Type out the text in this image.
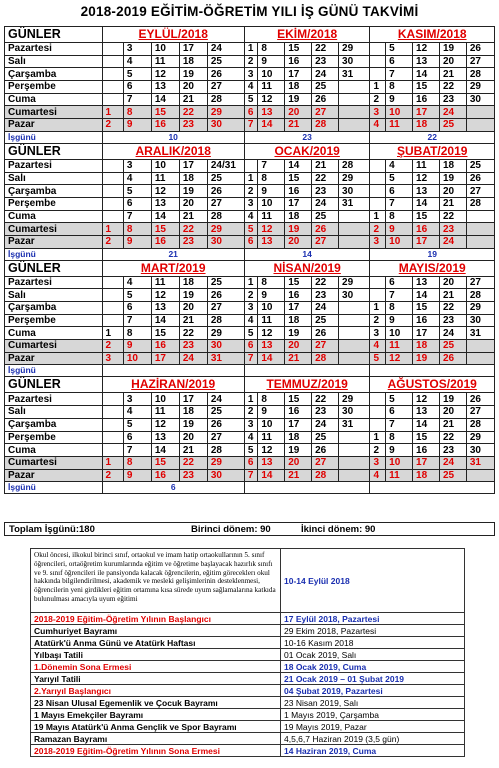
2018-2019 EĞİTİM-ÖĞRETİM YILI İŞ GÜNÜ TAKVİMİ
GÜNLER	EYLÜL/2018					EKİM/2018					KASIM/2018				
Pazartesi		3	10	17	24	1	8	15	22	29		5	12	19	26
Salı		4	11	18	25	2	9	16	23	30		6	13	20	27
Çarşamba		5	12	19	26	3	10	17	24	31		7	14	21	28
Perşembe		6	13	20	27	4	11	18	25		1	8	15	22	29
Cuma		7	14	21	28	5	12	19	26		2	9	16	23	30
Cumartesi	1	8	15	22	29	6	13	20	27		3	10	17	24	
Pazar	2	9	16	23	30	7	14	21	28		4	11	18	25	
İşgünü	10					23					22				
GÜNLER	ARALIK/2018					OCAK/2019					ŞUBAT/2019				
Pazartesi		3	10	17	24/31		7	14	21	28		4	11	18	25
Salı		4	11	18	25	1	8	15	22	29		5	12	19	26
Çarşamba		5	12	19	26	2	9	16	23	30		6	13	20	27
Perşembe		6	13	20	27	3	10	17	24	31		7	14	21	28
Cuma		7	14	21	28	4	11	18	25		1	8	15	22	
Cumartesi	1	8	15	22	29	5	12	19	26		2	9	16	23	
Pazar	2	9	16	23	30	6	13	20	27		3	10	17	24	
İşgünü	21					14					19				
GÜNLER	MART/2019					NİSAN/2019					MAYIS/2019				
Pazartesi		4	11	18	25	1	8	15	22	29		6	13	20	27
Salı		5	12	19	26	2	9	16	23	30		7	14	21	28
Çarşamba		6	13	20	27	3	10	17	24		1	8	15	22	29
Perşembe		7	14	21	28	4	11	18	25		2	9	16	23	30
Cuma	1	8	15	22	29	5	12	19	26		3	10	17	24	31
Cumartesi	2	9	16	23	30	6	13	20	27		4	11	18	25	
Pazar	3	10	17	24	31	7	14	21	28		5	12	19	26	
İşgünü															
GÜNLER	HAZİRAN/2019					TEMMUZ/2019					AĞUSTOS/2019				
Pazartesi		3	10	17	24	1	8	15	22	29		5	12	19	26
Salı		4	11	18	25	2	9	16	23	30		6	13	20	27
Çarşamba		5	12	19	26	3	10	17	24	31		7	14	21	28
Perşembe		6	13	20	27	4	11	18	25		1	8	15	22	29
Cuma		7	14	21	28	5	12	19	26		2	9	16	23	30
Cumartesi	1	8	15	22	29	6	13	20	27		3	10	17	24	31
Pazar	2	9	16	23	30	7	14	21	28		4	11	18	25	
İşgünü	6														
Toplam İşgünü:180	Birinci dönem: 90	İkinci dönem: 90
Okul öncesi, ilkokul birinci sınıf, ortaokul ve imam hatip ortaokullarının 5. sınıf öğrencileri, ortaöğretim kurumlarında eğitim ve öğretime başlayacak hazırlık sınıfı ve 9. sınıf öğrencileri ile pansiyonda kalacak öğrencilerin, eğitim göreceklerı okul hakkında bilgilendirilmesi, akademik ve mesleki gelişimlerinin desteklenmesi, öğrencilerin yeni girdikleri eğitim ortamına kısa sürede uyum sağlamalarına katkıda bulunulması amacıyla uyum eğitimi	10-14 Eylül 2018
2018-2019 Eğitim-Öğretim Yılının Başlangıcı	17 Eylül 2018, Pazartesi
Cumhuriyet Bayramı	29 Ekim 2018, Pazartesi
Atatürk'ü Anma Günü ve Atatürk Haftası	10-16 Kasım 2018
Yılbaşı Tatili	01 Ocak 2019, Salı
1.Dönemin Sona Ermesi	18 Ocak 2019, Cuma
Yarıyıl Tatili	21 Ocak 2019 – 01 Şubat 2019
2.Yarıyıl Başlangıcı	04 Şubat 2019, Pazartesi
23 Nisan Ulusal Egemenlik ve Çocuk Bayramı	23 Nisan 2019, Salı
1 Mayıs Emekçiler Bayramı	1 Mayıs 2019, Çarşamba
19 Mayıs Atatürk'ü Anma Gençlik ve Spor Bayramı	19 Mayıs 2019, Pazar
Ramazan Bayramı	4,5,6,7 Haziran 2019 (3,5 gün)
2018-2019 Eğitim-Öğretim Yılının Sona Ermesi	14 Haziran 2019, Cuma
